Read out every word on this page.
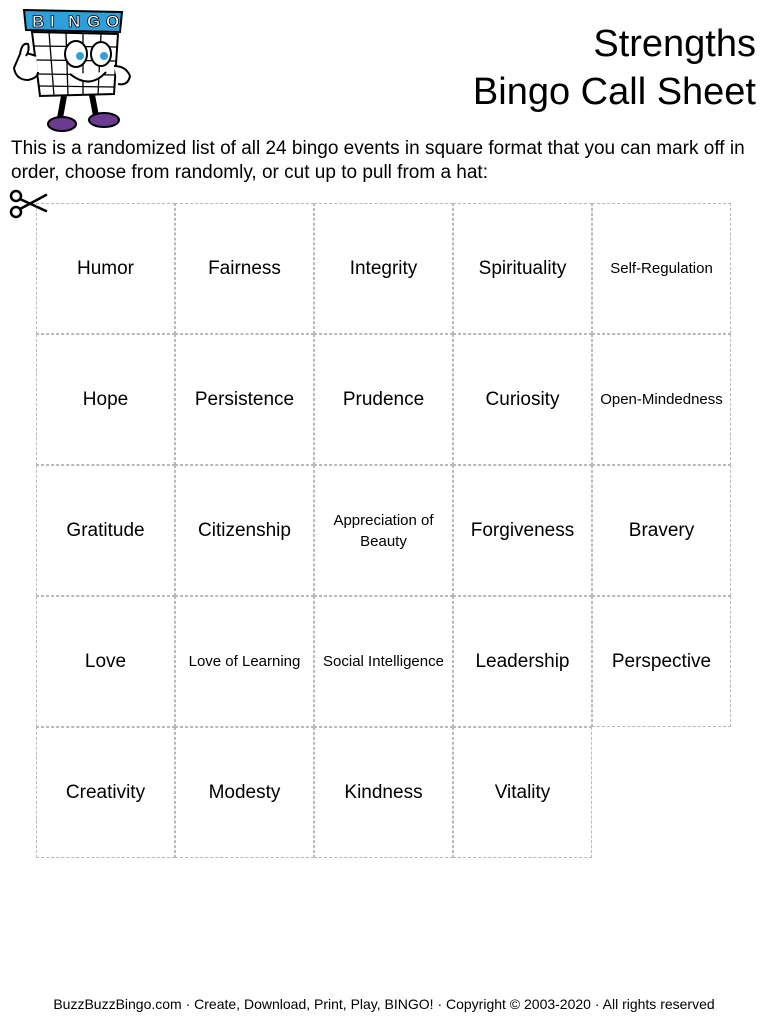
B I N G O
Strengths
Bingo Call Sheet

This is a randomized list of all 24 bingo events in square format that you can mark off in order, choose from randomly, or cut up to pull from a hat:

Humor	Fairness	Integrity	Spirituality	Self-Regulation
Hope	Persistence	Prudence	Curiosity	Open-Mindedness
Gratitude	Citizenship	Appreciation of Beauty	Forgiveness	Bravery
Love	Love of Learning	Social Intelligence	Leadership	Perspective
Creativity	Modesty	Kindness	Vitality

BuzzBuzzBingo.com · Create, Download, Print, Play, BINGO! · Copyright © 2003-2020 · All rights reserved
